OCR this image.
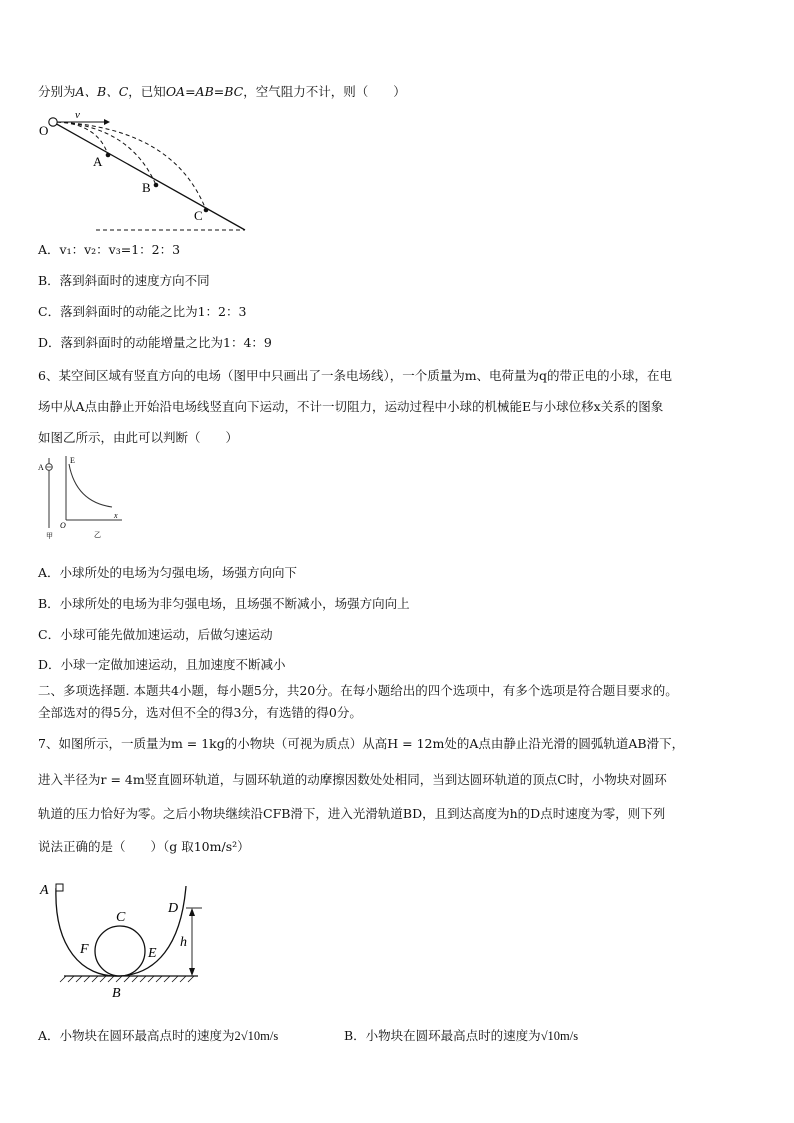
分别为A、B、C，已知OA=AB=BC，空气阻力不计，则（　　）
O
v
A
B
C
A．v₁：v₂：v₃=1：2：3
B．落到斜面时的速度方向不同
C．落到斜面时的动能之比为1：2：3
D．落到斜面时的动能增量之比为1：4：9
6、某空间区域有竖直方向的电场（图甲中只画出了一条电场线），一个质量为m、电荷量为q的带正电的小球，在电
场中从A点由静止开始沿电场线竖直向下运动，不计一切阻力，运动过程中小球的机械能E与小球位移x关系的图象
如图乙所示，由此可以判断（　　）
A
E
O
x
甲	乙
A．小球所处的电场为匀强电场，场强方向向下
B．小球所处的电场为非匀强电场，且场强不断减小，场强方向向上
C．小球可能先做加速运动，后做匀速运动
D．小球一定做加速运动，且加速度不断减小
二、多项选择题. 本题共4小题，每小题5分，共20分。在每小题给出的四个选项中，有多个选项是符合题目要求的。
全部选对的得5分，选对但不全的得3分，有选错的得0分。
7、如图所示，一质量为m = 1kg的小物块（可视为质点）从高H = 12m处的A点由静止沿光滑的圆弧轨道AB滑下，
进入半径为r = 4m竖直圆环轨道，与圆环轨道的动摩擦因数处处相同，当到达圆环轨道的顶点C时，小物块对圆环
轨道的压力恰好为零。之后小物块继续沿CFB滑下，进入光滑轨道BD，且到达高度为h的D点时速度为零，则下列
说法正确的是（　　）（g 取10m/s²）
A
C
D
F	E
h
B
A．小物块在圆环最高点时的速度为2√10m/s	B．小物块在圆环最高点时的速度为√10m/s
